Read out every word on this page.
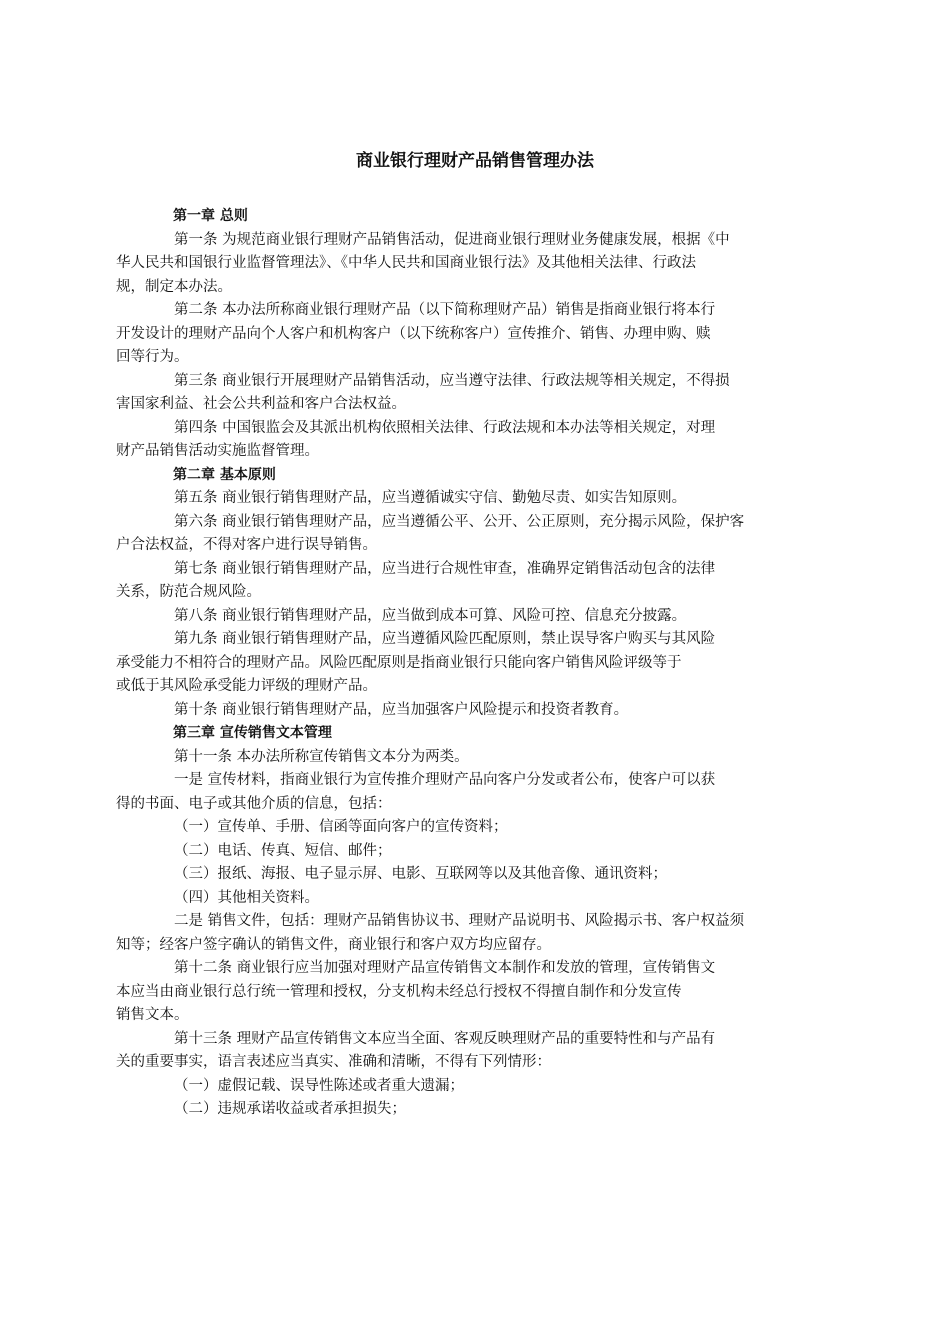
商业银行理财产品销售管理办法
第一章 总则
第一条 为规范商业银行理财产品销售活动，促进商业银行理财业务健康发展，根据《中
华人民共和国银行业监督管理法》、《中华人民共和国商业银行法》及其他相关法律、行政法
规，制定本办法。
第二条 本办法所称商业银行理财产品（以下简称理财产品）销售是指商业银行将本行
开发设计的理财产品向个人客户和机构客户（以下统称客户）宣传推介、销售、办理申购、赎
回等行为。
第三条 商业银行开展理财产品销售活动，应当遵守法律、行政法规等相关规定，不得损
害国家利益、社会公共利益和客户合法权益。
第四条 中国银监会及其派出机构依照相关法律、行政法规和本办法等相关规定，对理
财产品销售活动实施监督管理。
第二章 基本原则
第五条 商业银行销售理财产品，应当遵循诚实守信、勤勉尽责、如实告知原则。
第六条 商业银行销售理财产品，应当遵循公平、公开、公正原则，充分揭示风险，保护客
户合法权益，不得对客户进行误导销售。
第七条 商业银行销售理财产品，应当进行合规性审查，准确界定销售活动包含的法律
关系，防范合规风险。
第八条 商业银行销售理财产品，应当做到成本可算、风险可控、信息充分披露。
第九条 商业银行销售理财产品，应当遵循风险匹配原则，禁止误导客户购买与其风险
承受能力不相符合的理财产品。风险匹配原则是指商业银行只能向客户销售风险评级等于
或低于其风险承受能力评级的理财产品。
第十条 商业银行销售理财产品，应当加强客户风险提示和投资者教育。
第三章 宣传销售文本管理
第十一条 本办法所称宣传销售文本分为两类。
一是 宣传材料，指商业银行为宣传推介理财产品向客户分发或者公布，使客户可以获
得的书面、电子或其他介质的信息，包括：
（一）宣传单、手册、信函等面向客户的宣传资料；
（二）电话、传真、短信、邮件；
（三）报纸、海报、电子显示屏、电影、互联网等以及其他音像、通讯资料；
（四）其他相关资料。
二是 销售文件，包括：理财产品销售协议书、理财产品说明书、风险揭示书、客户权益须
知等；经客户签字确认的销售文件，商业银行和客户双方均应留存。
第十二条 商业银行应当加强对理财产品宣传销售文本制作和发放的管理，宣传销售文
本应当由商业银行总行统一管理和授权，分支机构未经总行授权不得擅自制作和分发宣传
销售文本。
第十三条 理财产品宣传销售文本应当全面、客观反映理财产品的重要特性和与产品有
关的重要事实，语言表述应当真实、准确和清晰，不得有下列情形：
（一）虚假记载、误导性陈述或者重大遗漏；
（二）违规承诺收益或者承担损失；
